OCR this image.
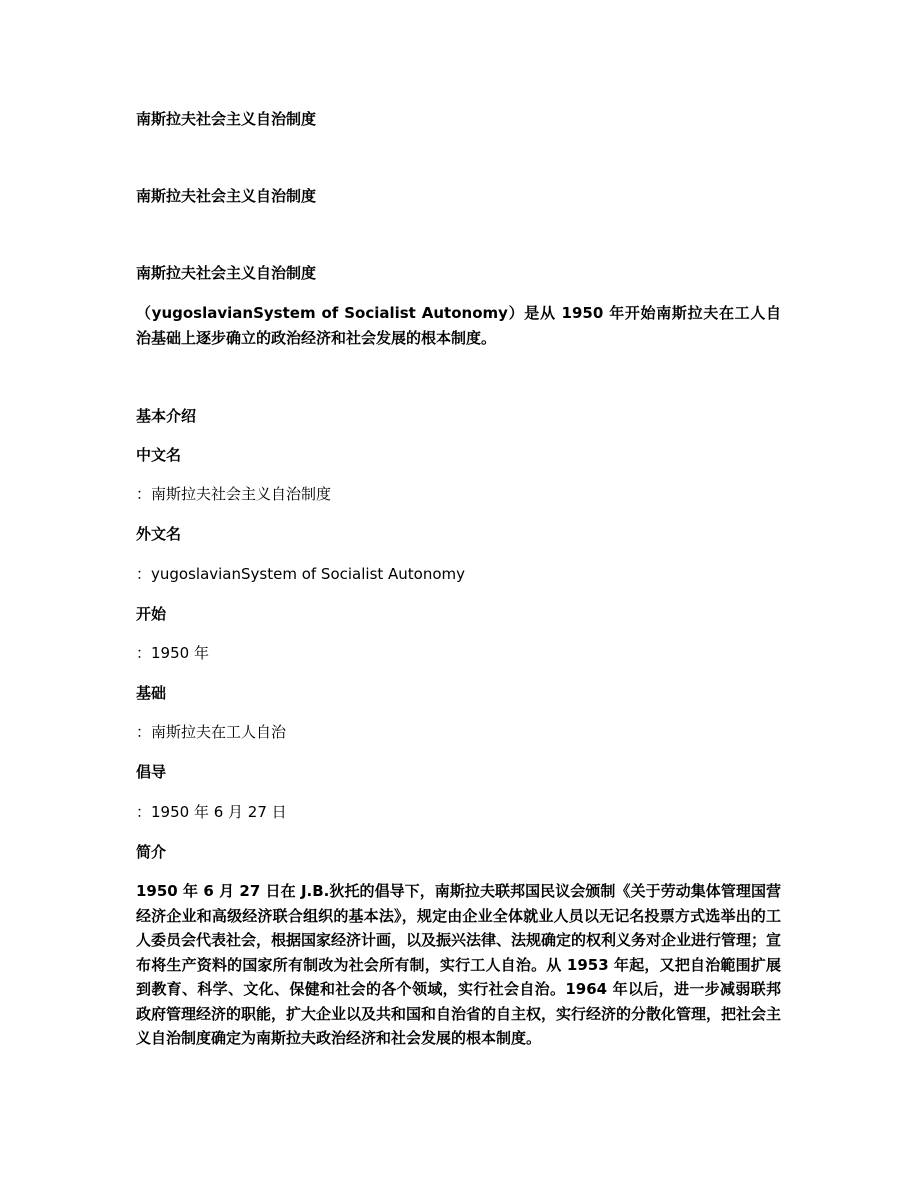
南斯拉夫社会主义自治制度
南斯拉夫社会主义自治制度
南斯拉夫社会主义自治制度
（yugoslavianSystem of Socialist Autonomy）是从 1950 年开始南斯拉夫在工人自治基础上逐步确立的政治经济和社会发展的根本制度。
基本介绍
中文名
：南斯拉夫社会主义自治制度
外文名
：yugoslavianSystem of Socialist Autonomy
开始
：1950 年
基础
：南斯拉夫在工人自治
倡导
：1950 年 6 月 27 日
简介
1950 年 6 月 27 日在 J.B.狄托的倡导下，南斯拉夫联邦国民议会颁制《关于劳动集体管理国营经济企业和高级经济联合组织的基本法》，规定由企业全体就业人员以无记名投票方式选举出的工人委员会代表社会，根据国家经济计画，以及振兴法律、法规确定的权利义务对企业进行管理；宣布将生产资料的国家所有制改为社会所有制，实行工人自治。从 1953 年起，又把自治範围扩展到教育、科学、文化、保健和社会的各个领域，实行社会自治。1964 年以后，进一步减弱联邦政府管理经济的职能，扩大企业以及共和国和自治省的自主权，实行经济的分散化管理，把社会主义自治制度确定为南斯拉夫政治经济和社会发展的根本制度。
